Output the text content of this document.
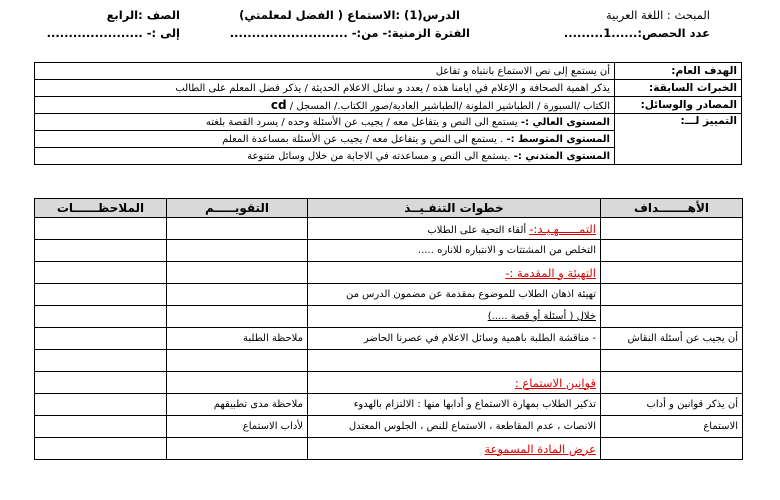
المبحث : اللغة العربية
الدرس(1) :الاستماع ( الفضل لمعلمتي)
الصف :الرابع
عدد الحصص:......1.........
الفترة الزمنية:- من:- ...........................
إلى :- ......................
الهدف العام:	أن يستمع إلى نص الاستماع بانتباه و تفاعل
الخبرات السابقة:	يذكر اهمية الصحافة و الإعلام في ايامنا هذه / يعدد و سائل الاعلام الحديثة / يذكر فضل المعلم على الطالب
المصادر والوسائل:	الكتاب /السبورة / الطباشير الملونة /الطباشير العادية/صور الكتاب./ المسجل / cd
التمييز لـــ:	المستوى العالي :- يستمع الى النص و يتفاعل معه / يجيب عن الأسئلة وحده / يسرد القصة بلغته
	المستوى المتوسط :- . يستمع الى النص و يتفاعل معه / يجيب عن الأسئلة بمساعدة المعلم
	المستوى المتدني :- .يستمع الى النص و مساعدته في الاجابة من خلال وسائل متنوعة
الأهـــــــداف	خطوات التنفـيــذ	التقويـــــم	الملاحظــــــات
	التمــــــهـيـد:- ألقاء التحية على الطلاب		
	التخلص من المشتتات و الانتباره للاناره .....		
	التهيئة و المقدمة :-		
	تهيئة اذهان الطلاب للموضوع بمقدمة عن مضمون الدرس من		
	خلال ( أسئلة أو قصة .....)		
أن يجيب عن أسئلة النقاش	- مناقشة الطلبة باهمية وسائل الاعلام في عصرنا الحاضر	ملاحظة الطلبة	

	قوانين الاستماع :		
أن يذكر قوانين و أداب	تذكير الطلاب بمهارة الاستماع و أدابها منها : الالتزام بالهدوء	ملاحظة مدى تطبيقهم	
الاستماع	الانصات ، عدم المقاطعة ، الاستماع للنص ، الجلوس المعتدل	لأداب الاستماع	
	عرض المادة المسموعة		
